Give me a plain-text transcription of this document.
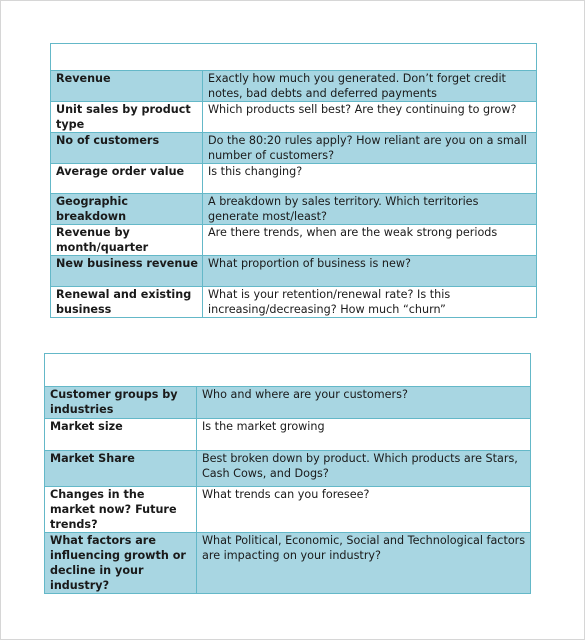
Revenue	Exactly how much you generated. Don’t forget credit notes, bad debts and deferred payments
Unit sales by product type	Which products sell best? Are they continuing to grow?
No of customers	Do the 80:20 rules apply? How reliant are you on a small number of customers?
Average order value	Is this changing?
Geographic breakdown	A breakdown by sales territory. Which territories generate most/least?
Revenue by month/quarter	Are there trends, when are the weak strong periods
New business revenue	What proportion of business is new?
Renewal and existing business	What is your retention/renewal rate? Is this increasing/decreasing? How much “churn”

Customer groups by industries	Who and where are your customers?
Market size	Is the market growing
Market Share	Best broken down by product. Which products are Stars, Cash Cows, and Dogs?
Changes in the market now? Future trends?	What trends can you foresee?
What factors are influencing growth or decline in your industry?	What Political, Economic, Social and Technological factors are impacting on your industry?
